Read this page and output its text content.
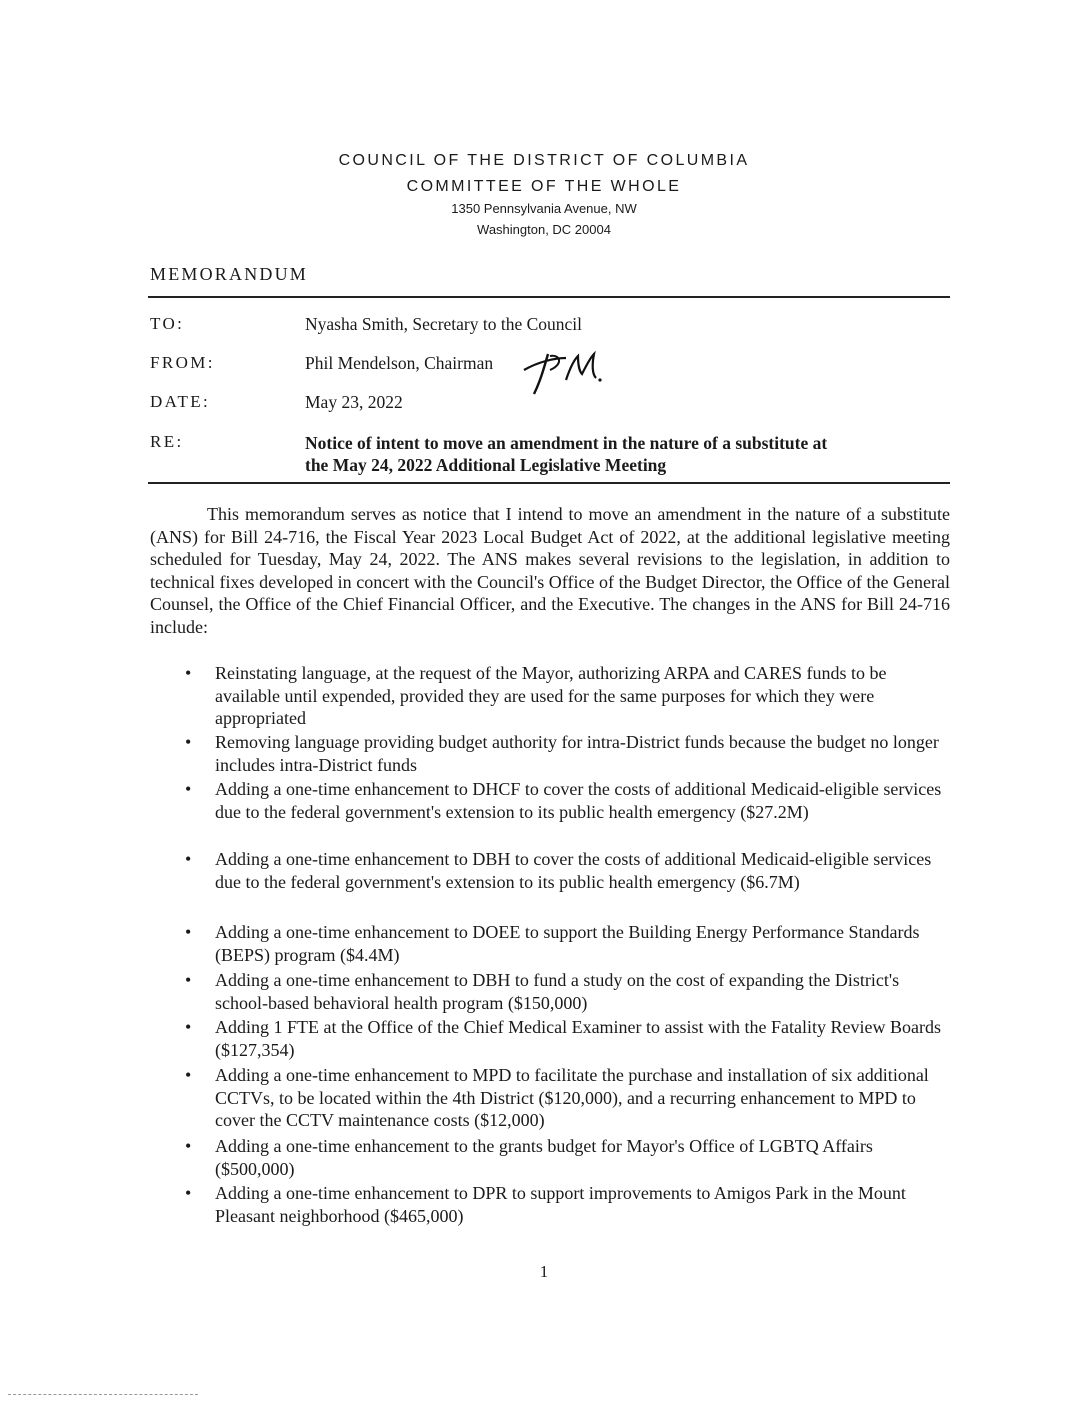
COUNCIL OF THE DISTRICT OF COLUMBIA
COMMITTEE OF THE WHOLE
1350 Pennsylvania Avenue, NW
Washington, DC 20004
MEMORANDUM
TO:	Nyasha Smith, Secretary to the Council
FROM:	Phil Mendelson, Chairman
DATE:	May 23, 2022
RE:	Notice of intent to move an amendment in the nature of a substitute at
the May 24, 2022 Additional Legislative Meeting

This memorandum serves as notice that I intend to move an amendment in the nature of a substitute (ANS) for Bill 24-716, the Fiscal Year 2023 Local Budget Act of 2022, at the additional legislative meeting scheduled for Tuesday, May 24, 2022. The ANS makes several revisions to the legislation, in addition to technical fixes developed in concert with the Council's Office of the Budget Director, the Office of the General Counsel, the Office of the Chief Financial Officer, and the Executive. The changes in the ANS for Bill 24-716 include:

• Reinstating language, at the request of the Mayor, authorizing ARPA and CARES funds to be available until expended, provided they are used for the same purposes for which they were appropriated
• Removing language providing budget authority for intra-District funds because the budget no longer includes intra-District funds
• Adding a one-time enhancement to DHCF to cover the costs of additional Medicaid-eligible services due to the federal government's extension to its public health emergency ($27.2M)
• Adding a one-time enhancement to DBH to cover the costs of additional Medicaid-eligible services due to the federal government's extension to its public health emergency ($6.7M)
• Adding a one-time enhancement to DOEE to support the Building Energy Performance Standards (BEPS) program ($4.4M)
• Adding a one-time enhancement to DBH to fund a study on the cost of expanding the District's school-based behavioral health program ($150,000)
• Adding 1 FTE at the Office of the Chief Medical Examiner to assist with the Fatality Review Boards ($127,354)
• Adding a one-time enhancement to MPD to facilitate the purchase and installation of six additional CCTVs, to be located within the 4th District ($120,000), and a recurring enhancement to MPD to cover the CCTV maintenance costs ($12,000)
• Adding a one-time enhancement to the grants budget for Mayor's Office of LGBTQ Affairs ($500,000)
• Adding a one-time enhancement to DPR to support improvements to Amigos Park in the Mount Pleasant neighborhood ($465,000)
1
